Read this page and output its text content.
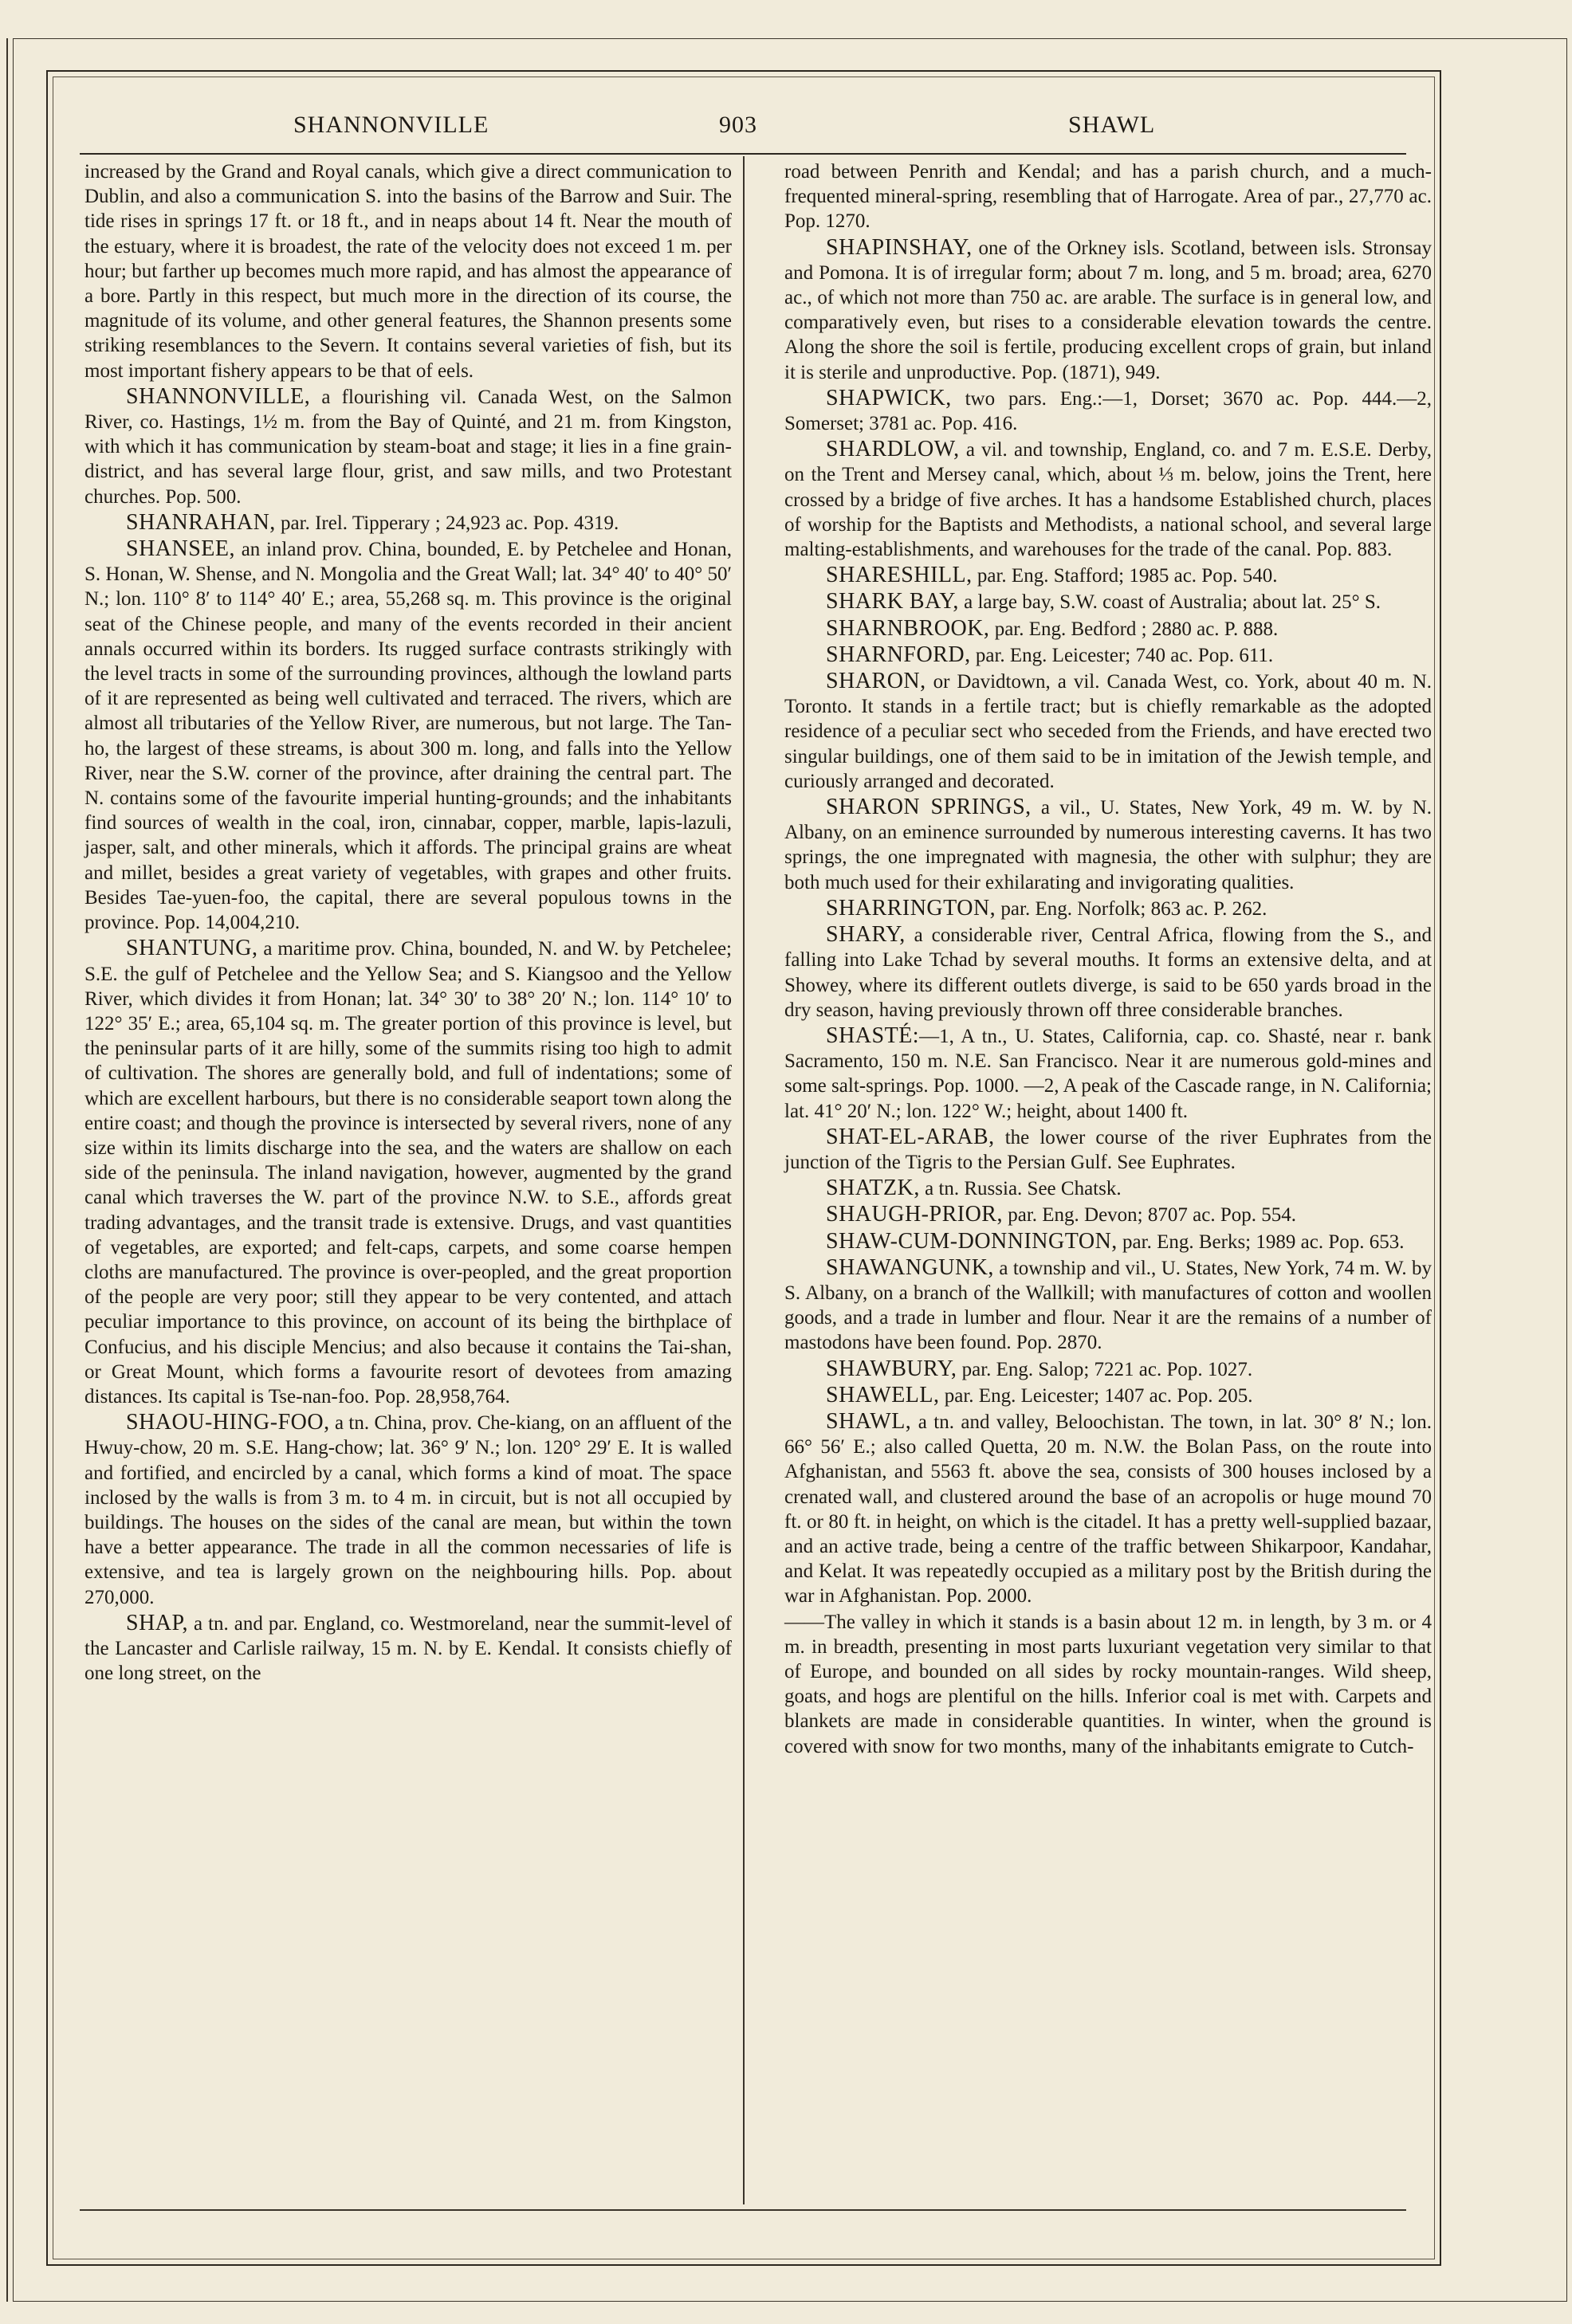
SHANNONVILLE	903	SHAWL

increased by the Grand and Royal canals, which give a direct communication to Dublin, and also a communication S. into the basins of the Barrow and Suir. The tide rises in springs 17 ft. or 18 ft., and in neaps about 14 ft. Near the mouth of the estuary, where it is broadest, the rate of the velocity does not exceed 1 m. per hour; but farther up becomes much more rapid, and has almost the appearance of a bore. Partly in this respect, but much more in the direction of its course, the magnitude of its volume, and other general features, the Shannon presents some striking resemblances to the Severn. It contains several varieties of fish, but its most important fishery appears to be that of eels.

SHANNONVILLE, a flourishing vil. Canada West, on the Salmon River, co. Hastings, 1½ m. from the Bay of Quinté, and 21 m. from Kingston, with which it has communication by steam-boat and stage; it lies in a fine grain-district, and has several large flour, grist, and saw mills, and two Protestant churches. Pop. 500.

SHANRAHAN, par. Irel. Tipperary ; 24,923 ac. Pop. 4319.

SHANSEE, an inland prov. China, bounded, E. by Petchelee and Honan, S. Honan, W. Shense, and N. Mongolia and the Great Wall; lat. 34° 40′ to 40° 50′ N.; lon. 110° 8′ to 114° 40′ E.; area, 55,268 sq. m. This province is the original seat of the Chinese people, and many of the events recorded in their ancient annals occurred within its borders. Its rugged surface contrasts strikingly with the level tracts in some of the surrounding provinces, although the lowland parts of it are represented as being well cultivated and terraced. The rivers, which are almost all tributaries of the Yellow River, are numerous, but not large. The Tan-ho, the largest of these streams, is about 300 m. long, and falls into the Yellow River, near the S.W. corner of the province, after draining the central part. The N. contains some of the favourite imperial hunting-grounds; and the inhabitants find sources of wealth in the coal, iron, cinnabar, copper, marble, lapis-lazuli, jasper, salt, and other minerals, which it affords. The principal grains are wheat and millet, besides a great variety of vegetables, with grapes and other fruits. Besides Tae-yuen-foo, the capital, there are several populous towns in the province. Pop. 14,004,210.

SHANTUNG, a maritime prov. China, bounded, N. and W. by Petchelee; S.E. the gulf of Petchelee and the Yellow Sea; and S. Kiangsoo and the Yellow River, which divides it from Honan; lat. 34° 30′ to 38° 20′ N.; lon. 114° 10′ to 122° 35′ E.; area, 65,104 sq. m. The greater portion of this province is level, but the peninsular parts of it are hilly, some of the summits rising too high to admit of cultivation. The shores are generally bold, and full of indentations; some of which are excellent harbours, but there is no considerable seaport town along the entire coast; and though the province is intersected by several rivers, none of any size within its limits discharge into the sea, and the waters are shallow on each side of the peninsula. The inland navigation, however, augmented by the grand canal which traverses the W. part of the province N.W. to S.E., affords great trading advantages, and the transit trade is extensive. Drugs, and vast quantities of vegetables, are exported; and felt-caps, carpets, and some coarse hempen cloths are manufactured. The province is over-peopled, and the great proportion of the people are very poor; still they appear to be very contented, and attach peculiar importance to this province, on account of its being the birthplace of Confucius, and his disciple Mencius; and also because it contains the Tai-shan, or Great Mount, which forms a favourite resort of devotees from amazing distances. Its capital is Tse-nan-foo. Pop. 28,958,764.

SHAOU-HING-FOO, a tn. China, prov. Che-kiang, on an affluent of the Hwuy-chow, 20 m. S.E. Hang-chow; lat. 36° 9′ N.; lon. 120° 29′ E. It is walled and fortified, and encircled by a canal, which forms a kind of moat. The space inclosed by the walls is from 3 m. to 4 m. in circuit, but is not all occupied by buildings. The houses on the sides of the canal are mean, but within the town have a better appearance. The trade in all the common necessaries of life is extensive, and tea is largely grown on the neighbouring hills. Pop. about 270,000.

SHAP, a tn. and par. England, co. Westmoreland, near the summit-level of the Lancaster and Carlisle railway, 15 m. N. by E. Kendal. It consists chiefly of one long street, on the

road between Penrith and Kendal; and has a parish church, and a much-frequented mineral-spring, resembling that of Harrogate. Area of par., 27,770 ac. Pop. 1270.

SHAPINSHAY, one of the Orkney isls. Scotland, between isls. Stronsay and Pomona. It is of irregular form; about 7 m. long, and 5 m. broad; area, 6270 ac., of which not more than 750 ac. are arable. The surface is in general low, and comparatively even, but rises to a considerable elevation towards the centre. Along the shore the soil is fertile, producing excellent crops of grain, but inland it is sterile and unproductive. Pop. (1871), 949.

SHAPWICK, two pars. Eng.:—1, Dorset; 3670 ac. Pop. 444.—2, Somerset; 3781 ac. Pop. 416.

SHARDLOW, a vil. and township, England, co. and 7 m. E.S.E. Derby, on the Trent and Mersey canal, which, about ⅓ m. below, joins the Trent, here crossed by a bridge of five arches. It has a handsome Established church, places of worship for the Baptists and Methodists, a national school, and several large malting-establishments, and warehouses for the trade of the canal. Pop. 883.

SHARESHILL, par. Eng. Stafford; 1985 ac. Pop. 540.

SHARK BAY, a large bay, S.W. coast of Australia; about lat. 25° S.

SHARNBROOK, par. Eng. Bedford ; 2880 ac. P. 888.

SHARNFORD, par. Eng. Leicester; 740 ac. Pop. 611.

SHARON, or Davidtown, a vil. Canada West, co. York, about 40 m. N. Toronto. It stands in a fertile tract; but is chiefly remarkable as the adopted residence of a peculiar sect who seceded from the Friends, and have erected two singular buildings, one of them said to be in imitation of the Jewish temple, and curiously arranged and decorated.

SHARON SPRINGS, a vil., U. States, New York, 49 m. W. by N. Albany, on an eminence surrounded by numerous interesting caverns. It has two springs, the one impregnated with magnesia, the other with sulphur; they are both much used for their exhilarating and invigorating qualities.

SHARRINGTON, par. Eng. Norfolk; 863 ac. P. 262.

SHARY, a considerable river, Central Africa, flowing from the S., and falling into Lake Tchad by several mouths. It forms an extensive delta, and at Showey, where its different outlets diverge, is said to be 650 yards broad in the dry season, having previously thrown off three considerable branches.

SHASTÉ:—1, A tn., U. States, California, cap. co. Shasté, near r. bank Sacramento, 150 m. N.E. San Francisco. Near it are numerous gold-mines and some salt-springs. Pop. 1000. —2, A peak of the Cascade range, in N. California; lat. 41° 20′ N.; lon. 122° W.; height, about 1400 ft.

SHAT-EL-ARAB, the lower course of the river Euphrates from the junction of the Tigris to the Persian Gulf. See Euphrates.

SHATZK, a tn. Russia. See Chatsk.

SHAUGH-PRIOR, par. Eng. Devon; 8707 ac. Pop. 554.

SHAW-CUM-DONNINGTON, par. Eng. Berks; 1989 ac. Pop. 653.

SHAWANGUNK, a township and vil., U. States, New York, 74 m. W. by S. Albany, on a branch of the Wallkill; with manufactures of cotton and woollen goods, and a trade in lumber and flour. Near it are the remains of a number of mastodons have been found. Pop. 2870.

SHAWBURY, par. Eng. Salop; 7221 ac. Pop. 1027.

SHAWELL, par. Eng. Leicester; 1407 ac. Pop. 205.

SHAWL, a tn. and valley, Beloochistan. The town, in lat. 30° 8′ N.; lon. 66° 56′ E.; also called Quetta, 20 m. N.W. the Bolan Pass, on the route into Afghanistan, and 5563 ft. above the sea, consists of 300 houses inclosed by a crenated wall, and clustered around the base of an acropolis or huge mound 70 ft. or 80 ft. in height, on which is the citadel. It has a pretty well-supplied bazaar, and an active trade, being a centre of the traffic between Shikarpoor, Kandahar, and Kelat. It was repeatedly occupied as a military post by the British during the war in Afghanistan. Pop. 2000.

——The valley in which it stands is a basin about 12 m. in length, by 3 m. or 4 m. in breadth, presenting in most parts luxuriant vegetation very similar to that of Europe, and bounded on all sides by rocky mountain-ranges. Wild sheep, goats, and hogs are plentiful on the hills. Inferior coal is met with. Carpets and blankets are made in considerable quantities. In winter, when the ground is covered with snow for two months, many of the inhabitants emigrate to Cutch-
